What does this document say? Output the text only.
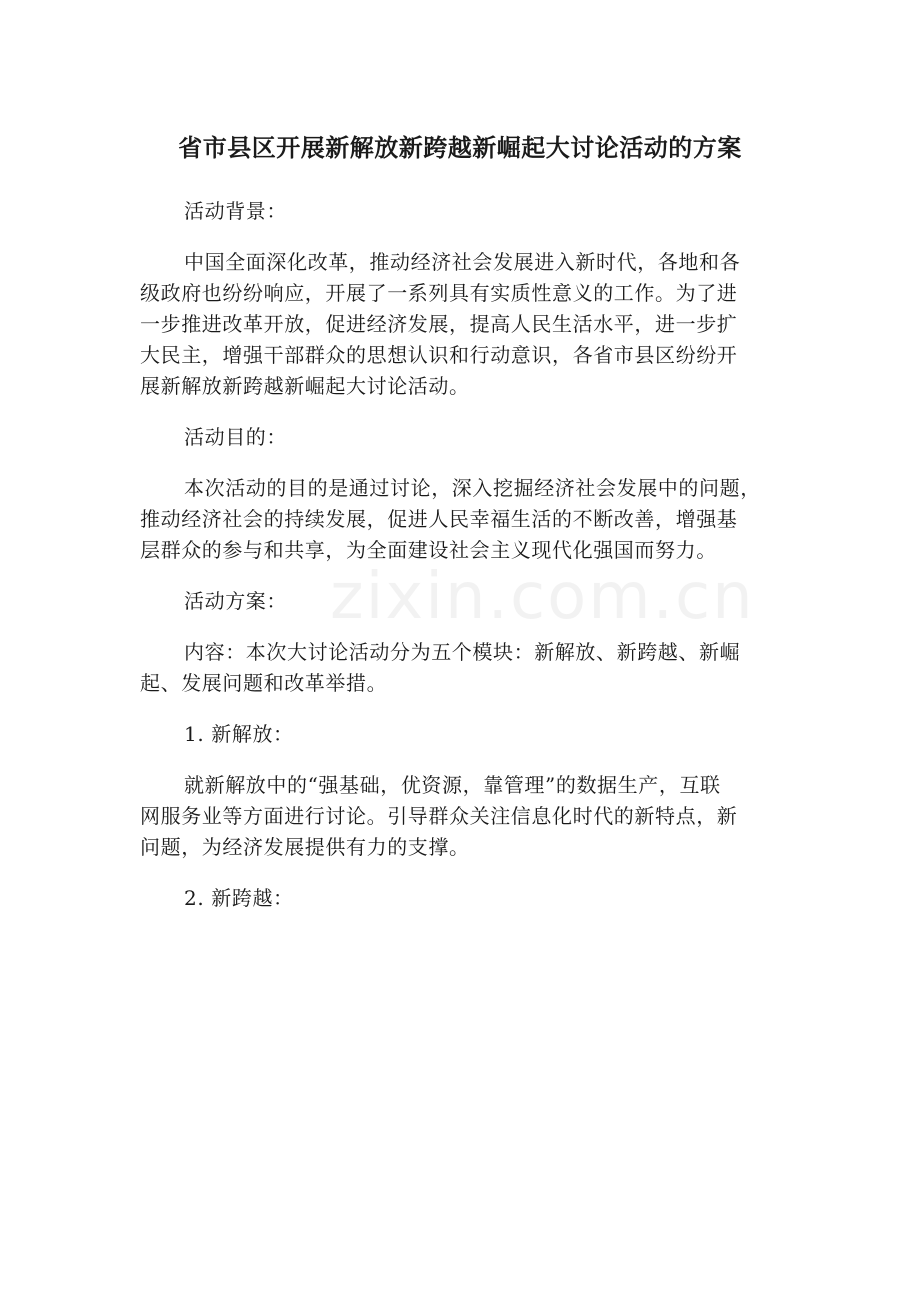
zixin.com.cn
省市县区开展新解放新跨越新崛起大讨论活动的方案

活动背景：

中国全面深化改革，推动经济社会发展进入新时代，各地和各
级政府也纷纷响应，开展了一系列具有实质性意义的工作。为了进
一步推进改革开放，促进经济发展，提高人民生活水平，进一步扩
大民主，增强干部群众的思想认识和行动意识，各省市县区纷纷开
展新解放新跨越新崛起大讨论活动。

活动目的：

本次活动的目的是通过讨论，深入挖掘经济社会发展中的问题，
推动经济社会的持续发展，促进人民幸福生活的不断改善，增强基
层群众的参与和共享，为全面建设社会主义现代化强国而努力。

活动方案：

内容：本次大讨论活动分为五个模块：新解放、新跨越、新崛
起、发展问题和改革举措。

1. 新解放：

就新解放中的“强基础，优资源，靠管理”的数据生产，互联
网服务业等方面进行讨论。引导群众关注信息化时代的新特点，新
问题，为经济发展提供有力的支撑。

2. 新跨越：
